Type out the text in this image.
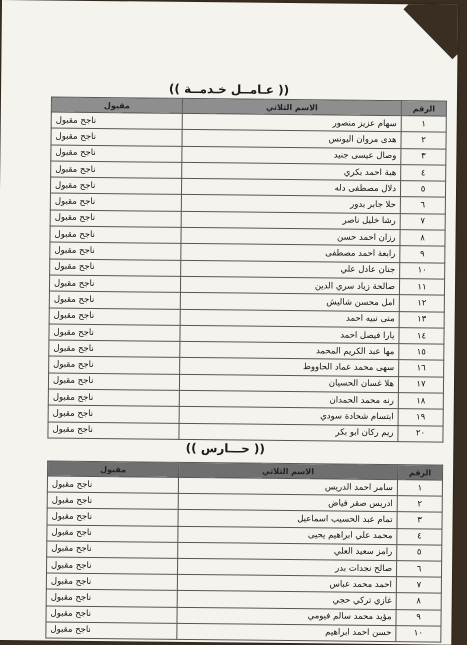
(( عـامــل خـدمــة ))
الرقم	الاسم الثلاثي	مقبول
١	سهام عزيز منصور	ناجح مقبول
٢	هدى مروان اليونس	ناجح مقبول
٣	وصال عيسى جنيد	ناجح مقبول
٤	هبة احمد بكري	ناجح مقبول
٥	دلال مصطفى دله	ناجح مقبول
٦	حلا جابر بدور	ناجح مقبول
٧	رشا خليل ناصر	ناجح مقبول
٨	رزان احمد حسن	ناجح مقبول
٩	رابعة احمد مصطفى	ناجح مقبول
١٠	جنان عادل علي	ناجح مقبول
١١	صالحة زياد سري الدين	ناجح مقبول
١٢	امل محسن شاليش	ناجح مقبول
١٣	منى نبيه احمد	ناجح مقبول
١٤	يارا فيصل احمد	ناجح مقبول
١٥	مها عبد الكريم المحمد	ناجح مقبول
١٦	سهى محمد عماد الحاووط	ناجح مقبول
١٧	هلا غسان الحسيان	ناجح مقبول
١٨	رنه محمد الحمدان	ناجح مقبول
١٩	ابتسام شحادة سودي	ناجح مقبول
٢٠	ريم ركان ابو بكر	ناجح مقبول
(( حـــارس ))
الرقم	الاسم الثلاثي	مقبول
١	سامر احمد الدريس	ناجح مقبول
٢	ادريس صقر فياض	ناجح مقبول
٣	تمام عبد الحسيب اسماعيل	ناجح مقبول
٤	محمد علي ابراهيم يحيى	ناجح مقبول
٥	رامز سعيد العلي	ناجح مقبول
٦	صالح نجدات بدر	ناجح مقبول
٧	احمد محمد عباس	ناجح مقبول
٨	غازي تركي حجي	ناجح مقبول
٩	مؤيد محمد سالم فيومي	ناجح مقبول
١٠	حسن احمد ابراهيم	ناجح مقبول
